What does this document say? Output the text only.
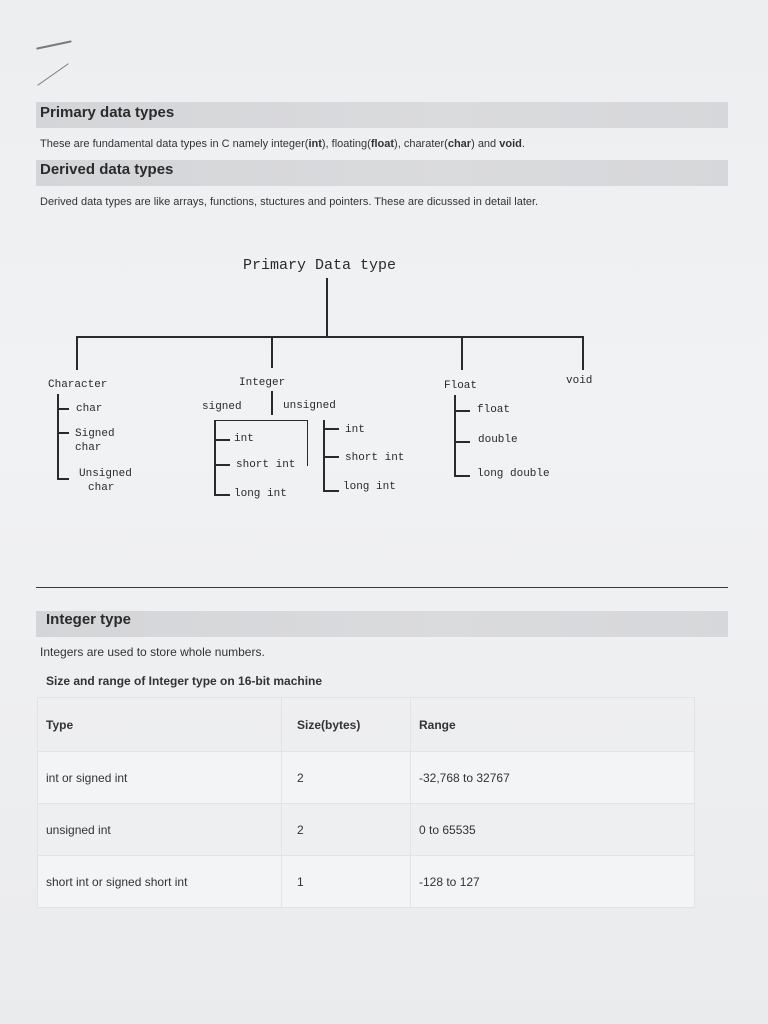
Primary data types
These are fundamental data types in C namely integer(int), floating(float), charater(char) and void.
Derived data types
Derived data types are like arrays, functions, stuctures and pointers. These are dicussed in detail later.
Primary Data type
Character
char
Signed
char
Unsigned
char
Integer
signed	unsigned
int
short int
long int
int
short int
long int
Float
float
double
long double
void
Integer type
Integers are used to store whole numbers.
Size and range of Integer type on 16-bit machine
Type	Size(bytes)	Range
int or signed int	2	-32,768 to 32767
unsigned int	2	0 to 65535
short int or signed short int	1	-128 to 127
